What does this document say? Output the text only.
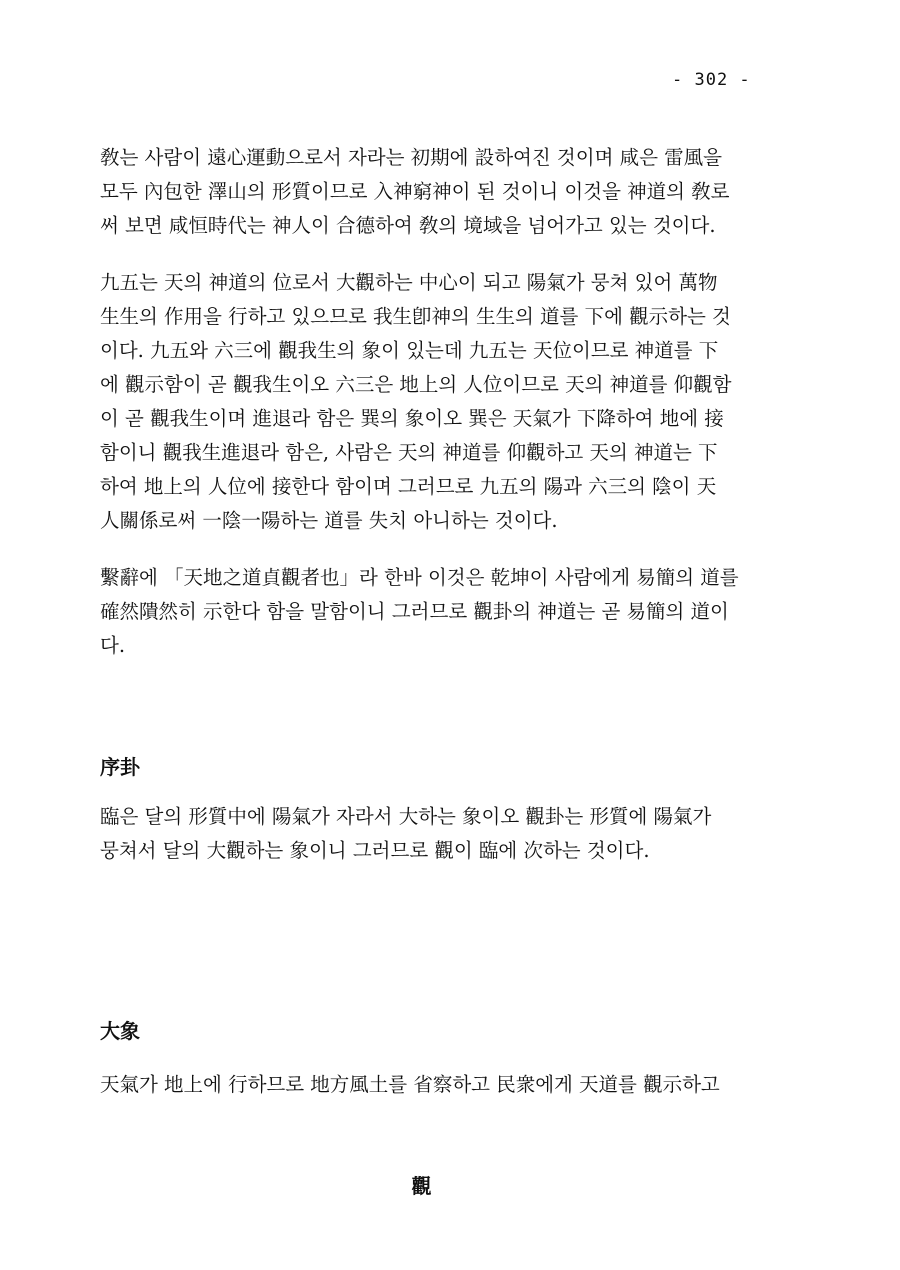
- 302 -
敎는 사람이 遠心運動으로서 자라는 初期에 設하여진 것이며 咸은 雷風을
모두 內包한 澤山의 形質이므로 入神窮神이 된 것이니 이것을 神道의 敎로
써 보면 咸恒時代는 神人이 合德하여 敎의 境域을 넘어가고 있는 것이다.
九五는 天의 神道의 位로서 大觀하는 中心이 되고 陽氣가 뭉쳐 있어 萬物
生生의 作用을 行하고 있으므로 我生卽神의 生生의 道를 下에 觀示하는 것
이다. 九五와 六三에 觀我生의 象이 있는데 九五는 天位이므로 神道를 下
에 觀示함이 곧 觀我生이오 六三은 地上의 人位이므로 天의 神道를 仰觀함
이 곧 觀我生이며 進退라 함은 巽의 象이오 巽은 天氣가 下降하여 地에 接
함이니 觀我生進退라 함은, 사람은 天의 神道를 仰觀하고 天의 神道는 下
하여 地上의 人位에 接한다 함이며 그러므로 九五의 陽과 六三의 陰이 天
人關係로써 一陰一陽하는 道를 失치 아니하는 것이다.
繫辭에 「天地之道貞觀者也」라 한바 이것은 乾坤이 사람에게 易簡의 道를
確然隤然히 示한다 함을 말함이니 그러므로 觀卦의 神道는 곧 易簡의 道이
다.
序卦
臨은 달의 形質中에 陽氣가 자라서 大하는 象이오 觀卦는 形質에 陽氣가
뭉쳐서 달의 大觀하는 象이니 그러므로 觀이 臨에 次하는 것이다.
大象
天氣가 地上에 行하므로 地方風土를 省察하고 民衆에게 天道를 觀示하고
觀
